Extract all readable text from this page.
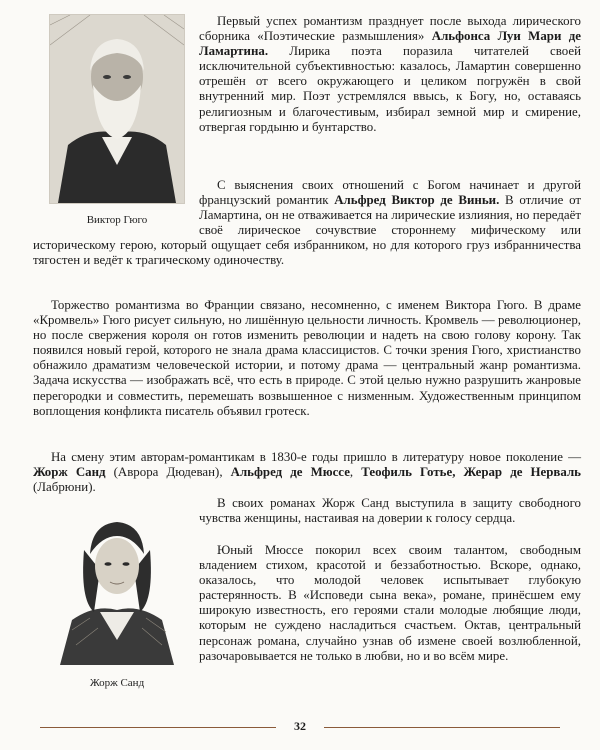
Виктор Гюго

Первый успех романтизм празднует после выхода лирического сборника «Поэтические размышления» Альфонса Луи Мари де Ламартина. Лирика поэта поразила читателей своей исключительной субъективностью: казалось, Ламартин совершенно отрешён от всего окружающего и целиком погружён в свой внутренний мир. Поэт устремлялся ввысь, к Богу, но, оставаясь религиозным и благочестивым, избирал земной мир и смирение, отвергая гордыню и бунтарство.

С выяснения своих отношений с Богом начинает и другой французский романтик Альфред Виктор де Виньи. В отличие от Ламартина, он не отваживается на лирические излияния, но передаёт своё лирическое сочувствие стороннему мифическому или историческому герою, который ощущает себя избранником, но для которого груз избранничества тягостен и ведёт к трагическому одиночеству.

Торжество романтизма во Франции связано, несомненно, с именем Виктора Гюго. В драме «Кромвель» Гюго рисует сильную, но лишённую цельности личность. Кромвель — революционер, но после свержения короля он готов изменить революции и надеть на свою голову корону. Так появился новый герой, которого не знала драма классицистов. С точки зрения Гюго, христианство обнажило драматизм человеческой истории, и потому драма — центральный жанр романтизма. Задача искусства — изображать всё, что есть в природе. С этой целью нужно разрушить жанровые перегородки и совместить, перемешать возвышенное с низменным. Художественным принципом воплощения конфликта писатель объявил гротеск.

На смену этим авторам-романтикам в 1830-е годы пришло в литературу новое поколение — Жорж Санд (Аврора Дюдеван), Альфред де Мюссе, Теофиль Готье, Жерар де Нерваль (Лабрюни).

Жорж Санд

В своих романах Жорж Санд выступила в защиту свободного чувства женщины, настаивая на доверии к голосу сердца.

Юный Мюссе покорил всех своим талантом, свободным владением стихом, красотой и беззаботностью. Вскоре, однако, оказалось, что молодой человек испытывает глубокую растерянность. В «Исповеди сына века», романе, принёсшем ему широкую известность, его героями стали молодые любящие люди, которым не суждено насладиться счастьем. Октав, центральный персонаж романа, случайно узнав об измене своей возлюбленной, разочаровывается не только в любви, но и во всём мире.

32
